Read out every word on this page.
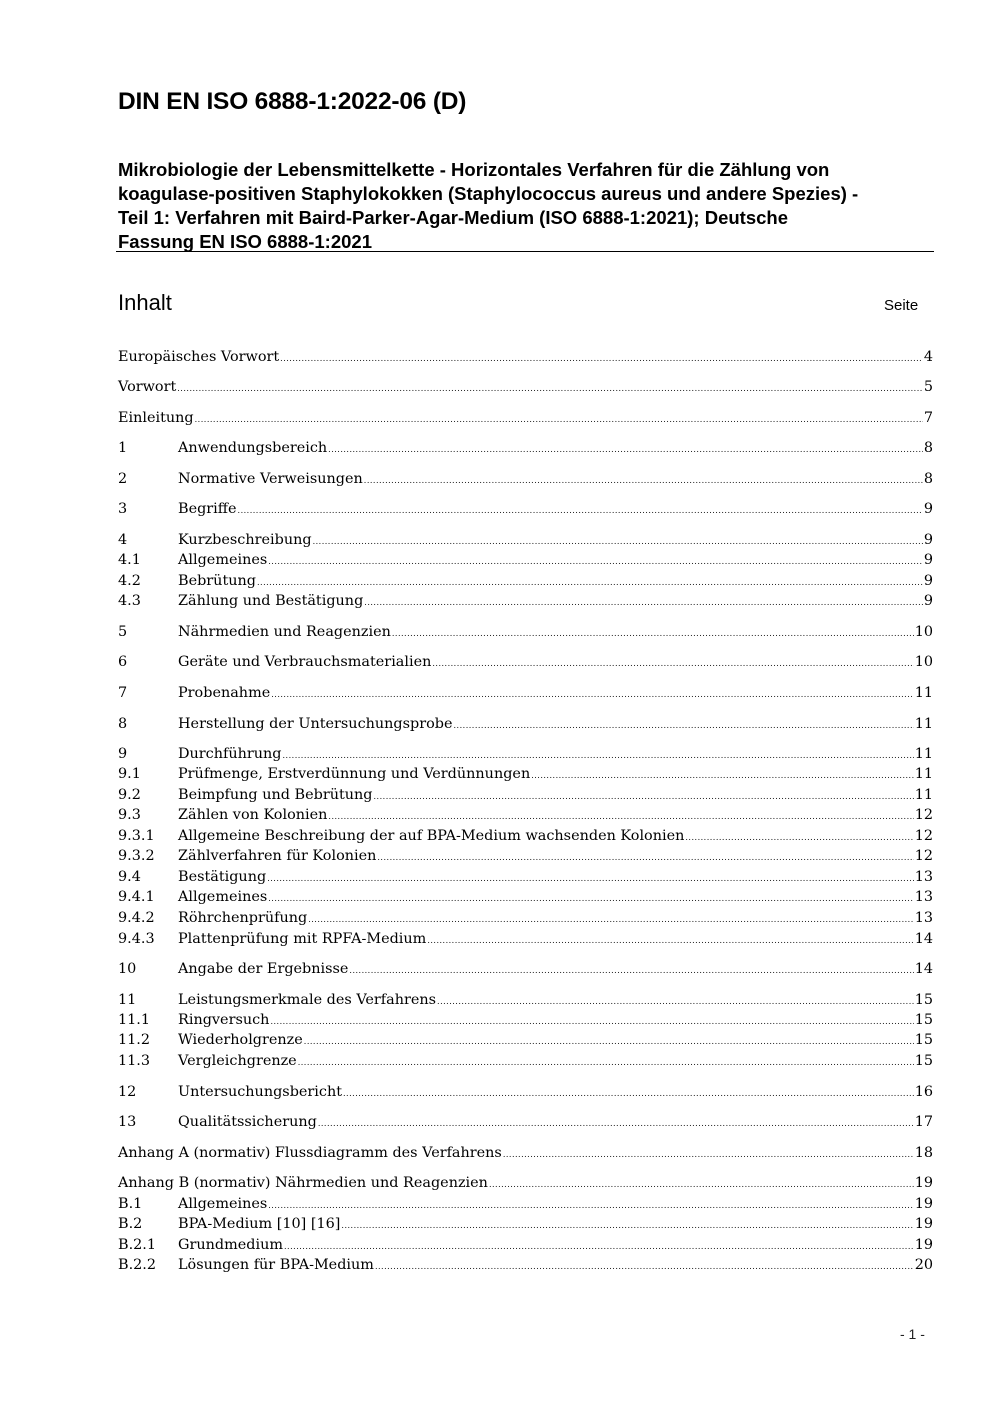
DIN EN ISO 6888-1:2022-06 (D)
Mikrobiologie der Lebensmittelkette - Horizontales Verfahren für die Zählung von
koagulase-positiven Staphylokokken (Staphylococcus aureus und andere Spezies) -
Teil 1: Verfahren mit Baird-Parker-Agar-Medium (ISO 6888-1:2021); Deutsche
Fassung EN ISO 6888-1:2021
Inhalt	Seite
Europäisches Vorwort .....	4
Vorwort .....	5
Einleitung .....	7
1	Anwendungsbereich .....	8
2	Normative Verweisungen .....	8
3	Begriffe .....	9
4	Kurzbeschreibung .....	9
4.1	Allgemeines .....	9
4.2	Bebrütung .....	9
4.3	Zählung und Bestätigung .....	9
5	Nährmedien und Reagenzien .....	10
6	Geräte und Verbrauchsmaterialien .....	10
7	Probenahme .....	11
8	Herstellung der Untersuchungsprobe .....	11
9	Durchführung .....	11
9.1	Prüfmenge, Erstverdünnung und Verdünnungen .....	11
9.2	Beimpfung und Bebrütung .....	11
9.3	Zählen von Kolonien .....	12
9.3.1	Allgemeine Beschreibung der auf BPA-Medium wachsenden Kolonien .....	12
9.3.2	Zählverfahren für Kolonien .....	12
9.4	Bestätigung .....	13
9.4.1	Allgemeines .....	13
9.4.2	Röhrchenprüfung .....	13
9.4.3	Plattenprüfung mit RPFA-Medium .....	14
10	Angabe der Ergebnisse .....	14
11	Leistungsmerkmale des Verfahrens .....	15
11.1	Ringversuch .....	15
11.2	Wiederholgrenze .....	15
11.3	Vergleichgrenze .....	15
12	Untersuchungsbericht .....	16
13	Qualitätssicherung .....	17
Anhang A (normativ) Flussdiagramm des Verfahrens .....	18
Anhang B (normativ) Nährmedien und Reagenzien .....	19
B.1	Allgemeines .....	19
B.2	BPA-Medium [10] [16] .....	19
B.2.1	Grundmedium .....	19
B.2.2	Lösungen für BPA-Medium .....	20
- 1 -
